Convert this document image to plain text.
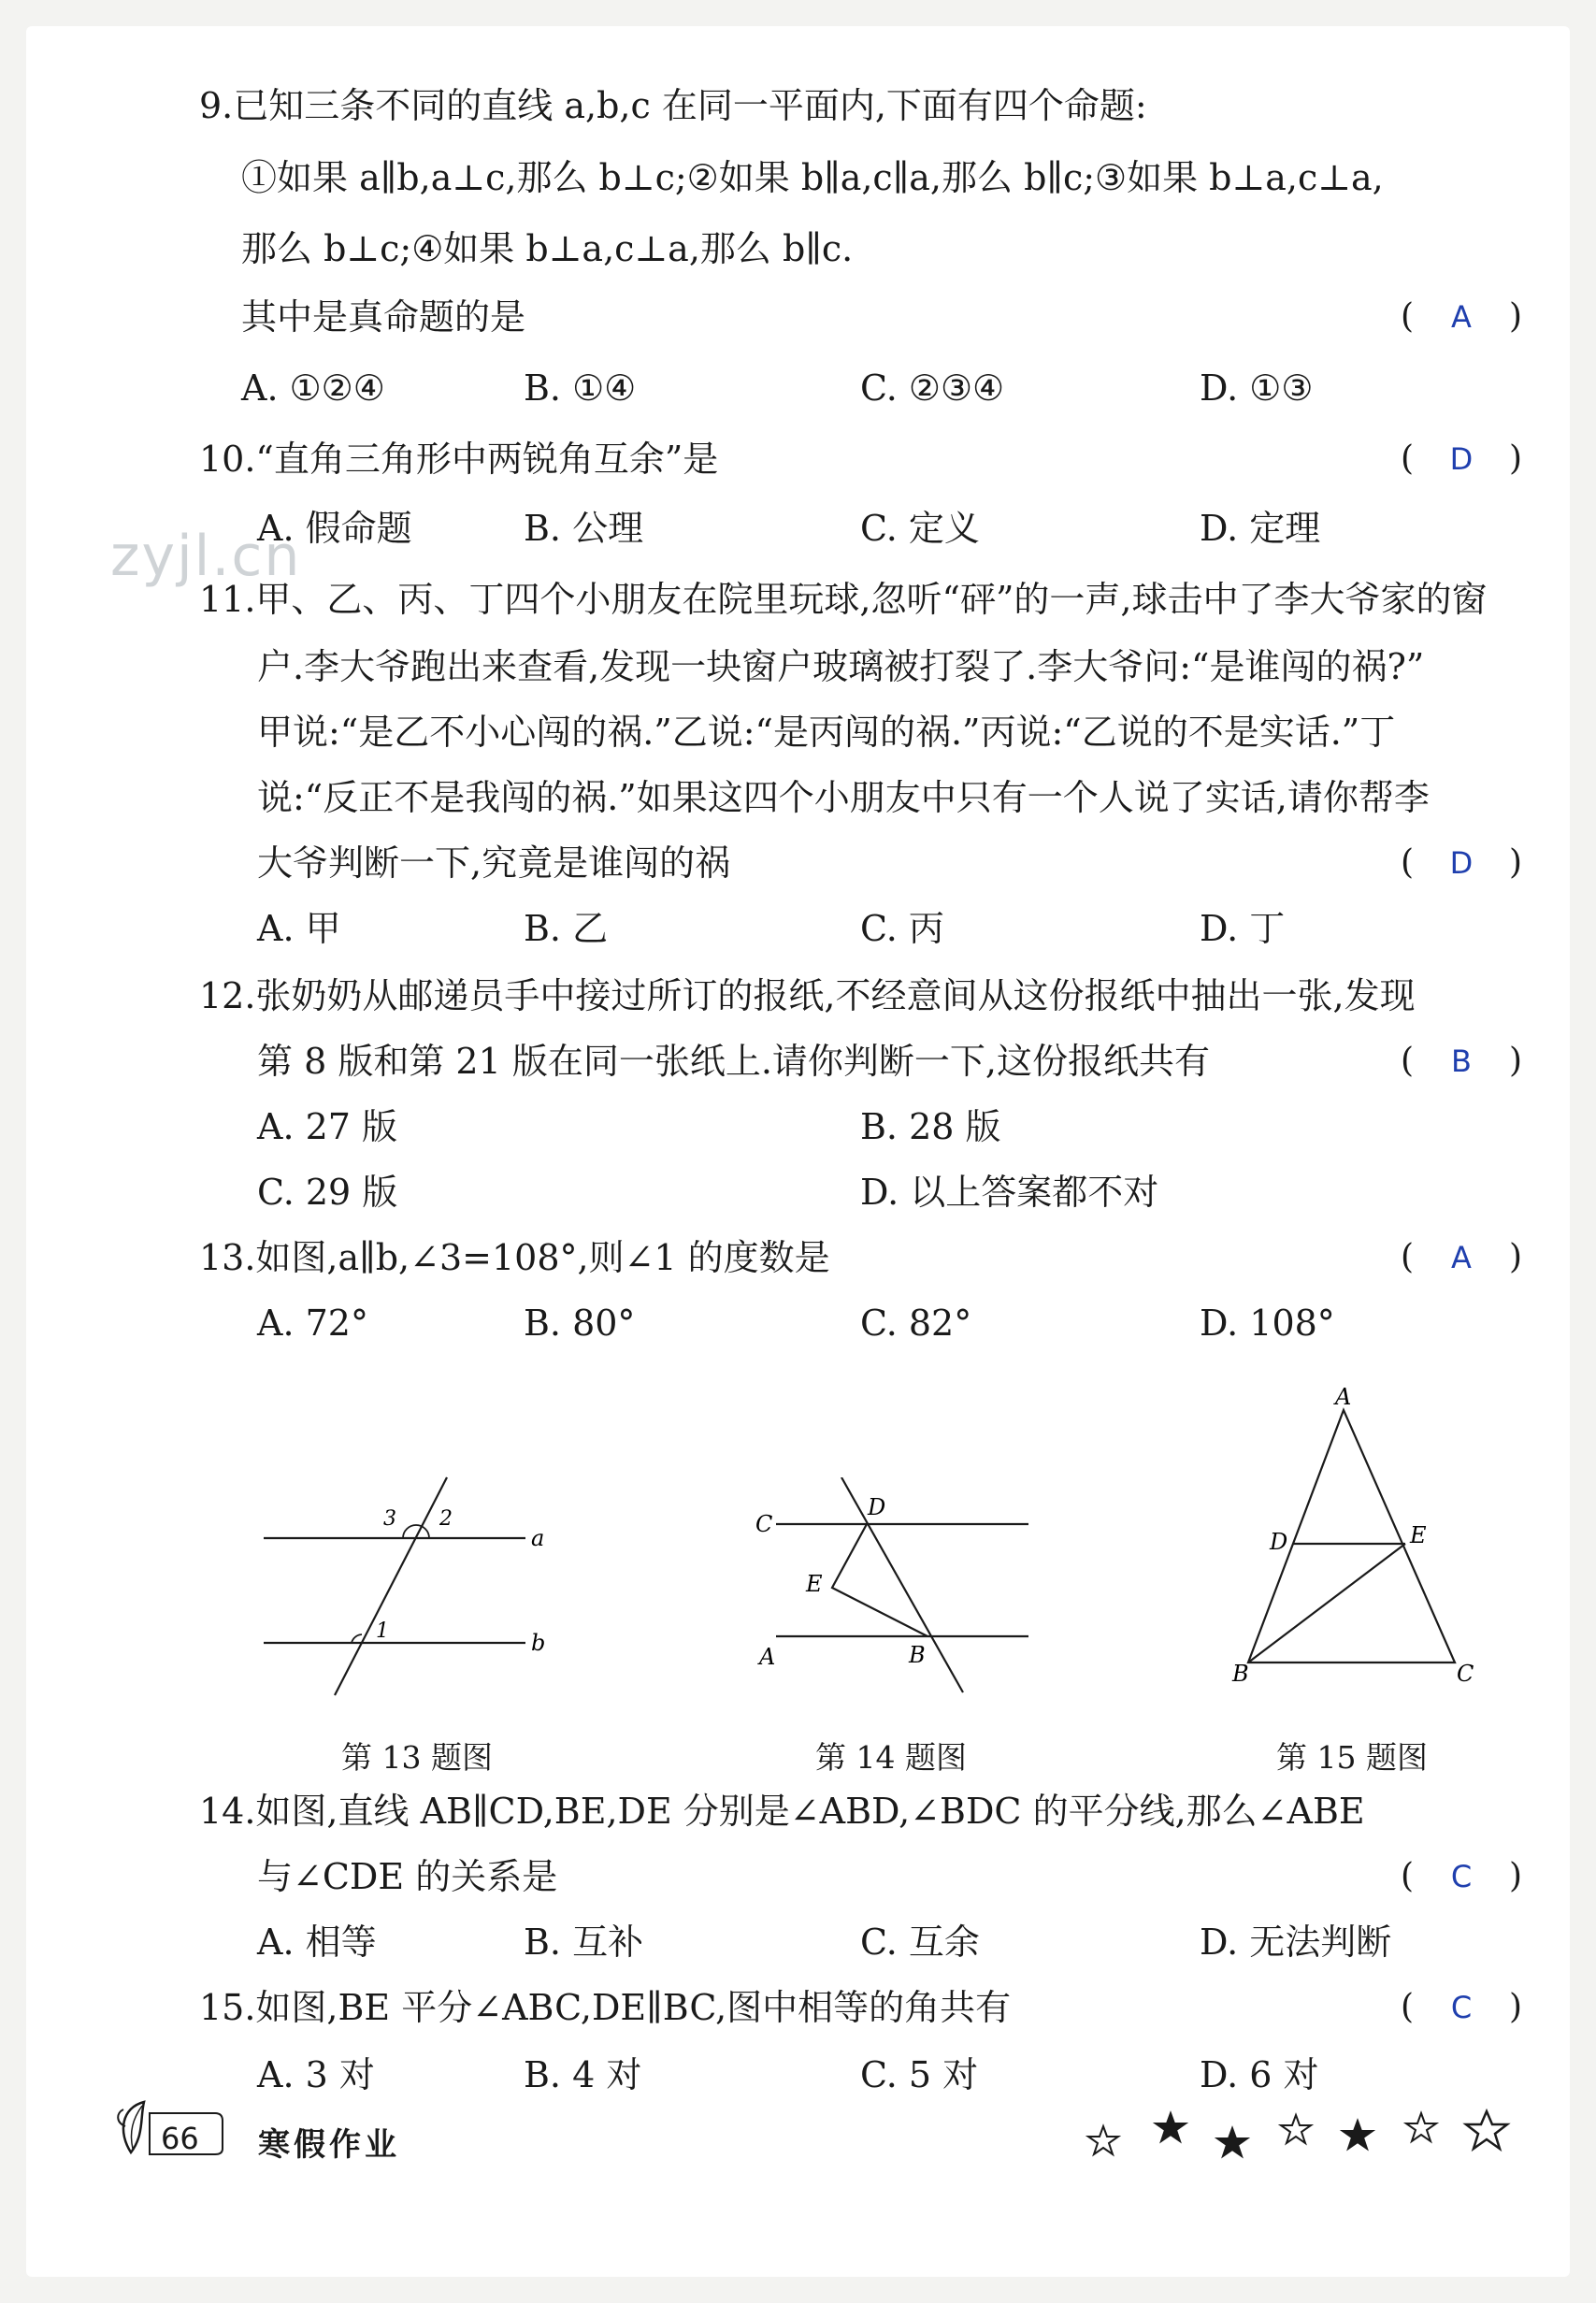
zyjl.cn
9.已知三条不同的直线 a,b,c 在同一平面内,下面有四个命题:
①如果 a∥b,a⊥c,那么 b⊥c;②如果 b∥a,c∥a,那么 b∥c;③如果 b⊥a,c⊥a,
那么 b⊥c;④如果 b⊥a,c⊥a,那么 b∥c.
其中是真命题的是	( A )
A. ①②④	B. ①④	C. ②③④	D. ①③
10.“直角三角形中两锐角互余”是	( D )
A. 假命题	B. 公理	C. 定义	D. 定理
11.甲、乙、丙、丁四个小朋友在院里玩球,忽听“砰”的一声,球击中了李大爷家的窗
户.李大爷跑出来查看,发现一块窗户玻璃被打裂了.李大爷问:“是谁闯的祸?”
甲说:“是乙不小心闯的祸.”乙说:“是丙闯的祸.”丙说:“乙说的不是实话.”丁
说:“反正不是我闯的祸.”如果这四个小朋友中只有一个人说了实话,请你帮李
大爷判断一下,究竟是谁闯的祸	( D )
A. 甲	B. 乙	C. 丙	D. 丁
12.张奶奶从邮递员手中接过所订的报纸,不经意间从这份报纸中抽出一张,发现
第 8 版和第 21 版在同一张纸上.请你判断一下,这份报纸共有	( B )
A. 27 版	B. 28 版
C. 29 版	D. 以上答案都不对
13.如图,a∥b,∠3=108°,则∠1 的度数是	( A )
A. 72°	B. 80°	C. 82°	D. 108°
3 2
a
1	b
第 13 题图
C
D
E
A	B
第 14 题图
A
D	E
B	C
第 15 题图
14.如图,直线 AB∥CD,BE,DE 分别是∠ABD,∠BDC 的平分线,那么∠ABE
与∠CDE 的关系是	( C )
A. 相等	B. 互补	C. 互余	D. 无法判断
15.如图,BE 平分∠ABC,DE∥BC,图中相等的角共有	( C )
A. 3 对	B. 4 对	C. 5 对	D. 6 对
66 寒假作业
